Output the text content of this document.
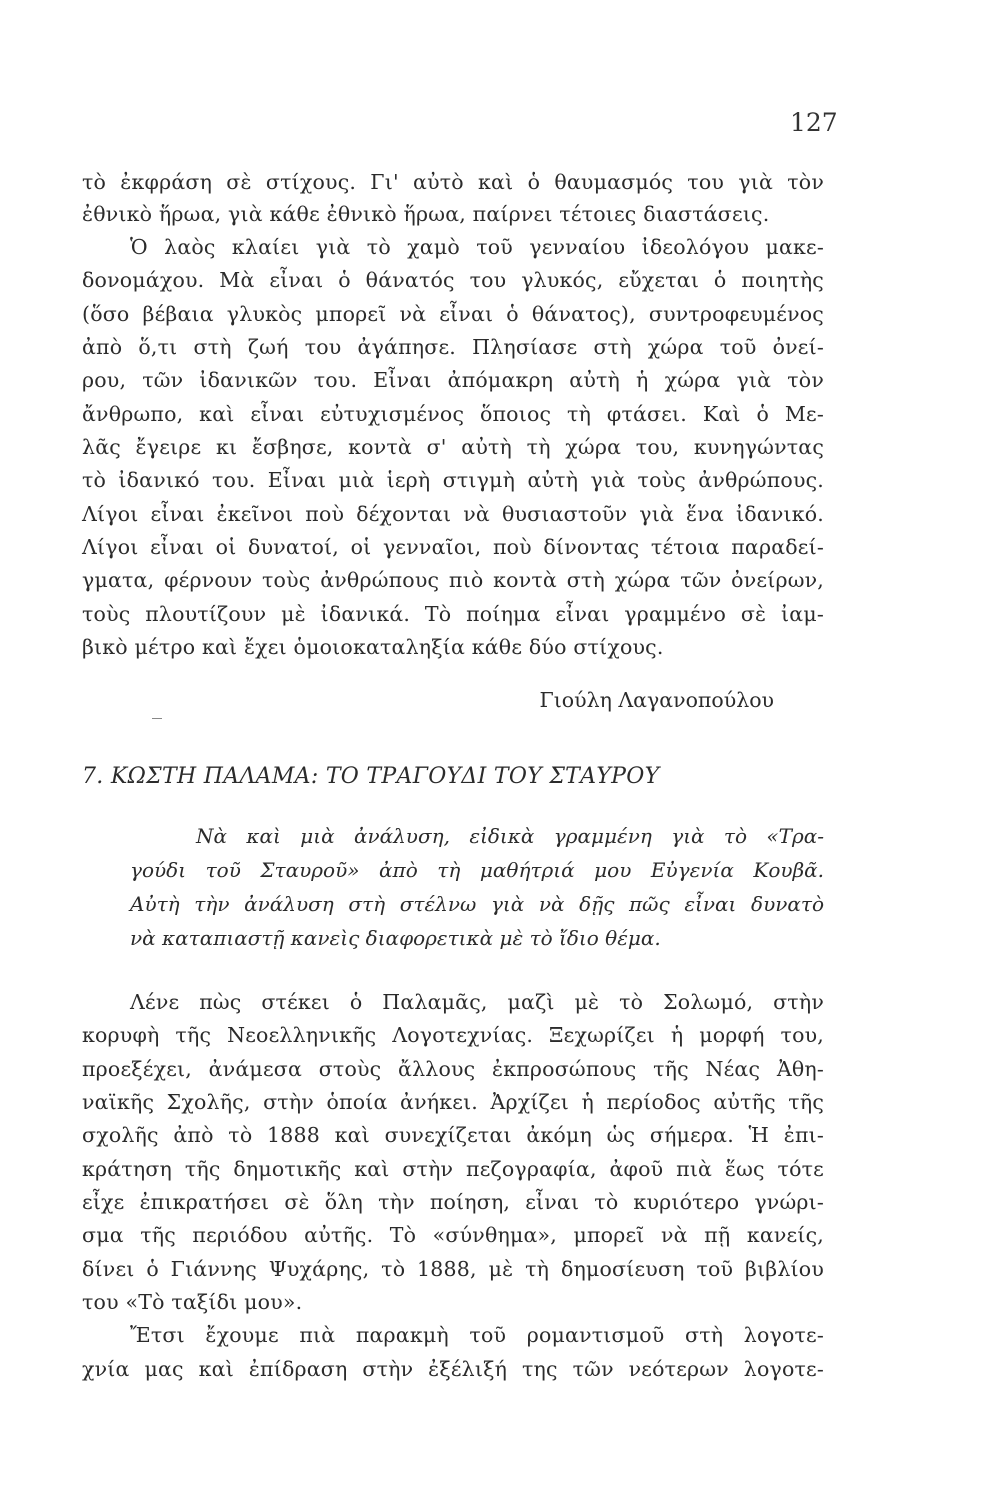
127
τὸ ἐκφράση σὲ στίχους. Γι' αὐτὸ καὶ ὁ θαυμασμός του γιὰ τὸν
ἐθνικὸ ἥρωα, γιὰ κάθε ἐθνικὸ ἥρωα, παίρνει τέτοιες διαστάσεις.
Ὁ λαὸς κλαίει γιὰ τὸ χαμὸ τοῦ γενναίου ἰδεολόγου μακε-
δονομάχου. Μὰ εἶναι ὁ θάνατός του γλυκός, εὔχεται ὁ ποιητὴς
(ὅσο βέβαια γλυκὸς μπορεῖ νὰ εἶναι ὁ θάνατος), συντροφευμένος
ἀπὸ ὅ,τι στὴ ζωή του ἀγάπησε. Πλησίασε στὴ χώρα τοῦ ὀνεί-
ρου, τῶν ἰδανικῶν του. Εἶναι ἀπόμακρη αὐτὴ ἡ χώρα γιὰ τὸν
ἄνθρωπο, καὶ εἶναι εὐτυχισμένος ὅποιος τὴ φτάσει. Καὶ ὁ Με-
λᾶς ἔγειρε κι ἔσβησε, κοντὰ σ' αὐτὴ τὴ χώρα του, κυνηγώντας
τὸ ἰδανικό του. Εἶναι μιὰ ἱερὴ στιγμὴ αὐτὴ γιὰ τοὺς ἀνθρώπους.
Λίγοι εἶναι ἐκεῖνοι ποὺ δέχονται νὰ θυσιαστοῦν γιὰ ἕνα ἰδανικό.
Λίγοι εἶναι οἱ δυνατοί, οἱ γενναῖοι, ποὺ δίνοντας τέτοια παραδεί-
γματα, φέρνουν τοὺς ἀνθρώπους πιὸ κοντὰ στὴ χώρα τῶν ὀνείρων,
τοὺς πλουτίζουν μὲ ἰδανικά. Τὸ ποίημα εἶναι γραμμένο σὲ ἰαμ-
βικὸ μέτρο καὶ ἔχει ὁμοιοκαταληξία κάθε δύο στίχους.
Γιούλη Λαγανοπούλου
7. ΚΩΣΤΗ ΠΑΛΑΜΑ: ΤΟ ΤΡΑΓΟΥΔΙ ΤΟΥ ΣΤΑΥΡΟΥ
Νὰ καὶ μιὰ ἀνάλυση, εἰδικὰ γραμμένη γιὰ τὸ «Τρα-
γούδι τοῦ Σταυροῦ» ἀπὸ τὴ μαθήτριά μου Εὐγενία Κουβᾶ.
Αὐτὴ τὴν ἀνάλυση στὴ στέλνω γιὰ νὰ δῇς πῶς εἶναι δυνατὸ
νὰ καταπιαστῇ κανεὶς διαφορετικὰ μὲ τὸ ἴδιο θέμα.
Λένε πὼς στέκει ὁ Παλαμᾶς, μαζὶ μὲ τὸ Σολωμό, στὴν
κορυφὴ τῆς Νεοελληνικῆς Λογοτεχνίας. Ξεχωρίζει ἡ μορφή του,
προεξέχει, ἀνάμεσα στοὺς ἄλλους ἐκπροσώπους τῆς Νέας Ἀθη-
ναϊκῆς Σχολῆς, στὴν ὁποία ἀνήκει. Ἀρχίζει ἡ περίοδος αὐτῆς τῆς
σχολῆς ἀπὸ τὸ 1888 καὶ συνεχίζεται ἀκόμη ὡς σήμερα. Ἡ ἐπι-
κράτηση τῆς δημοτικῆς καὶ στὴν πεζογραφία, ἀφοῦ πιὰ ἕως τότε
εἶχε ἐπικρατήσει σὲ ὅλη τὴν ποίηση, εἶναι τὸ κυριότερο γνώρι-
σμα τῆς περιόδου αὐτῆς. Τὸ «σύνθημα», μπορεῖ νὰ πῇ κανείς,
δίνει ὁ Γιάννης Ψυχάρης, τὸ 1888, μὲ τὴ δημοσίευση τοῦ βιβλίου
του «Τὸ ταξίδι μου».
Ἔτσι ἔχουμε πιὰ παρακμὴ τοῦ ρομαντισμοῦ στὴ λογοτε-
χνία μας καὶ ἐπίδραση στὴν ἐξέλιξή της τῶν νεότερων λογοτε-
